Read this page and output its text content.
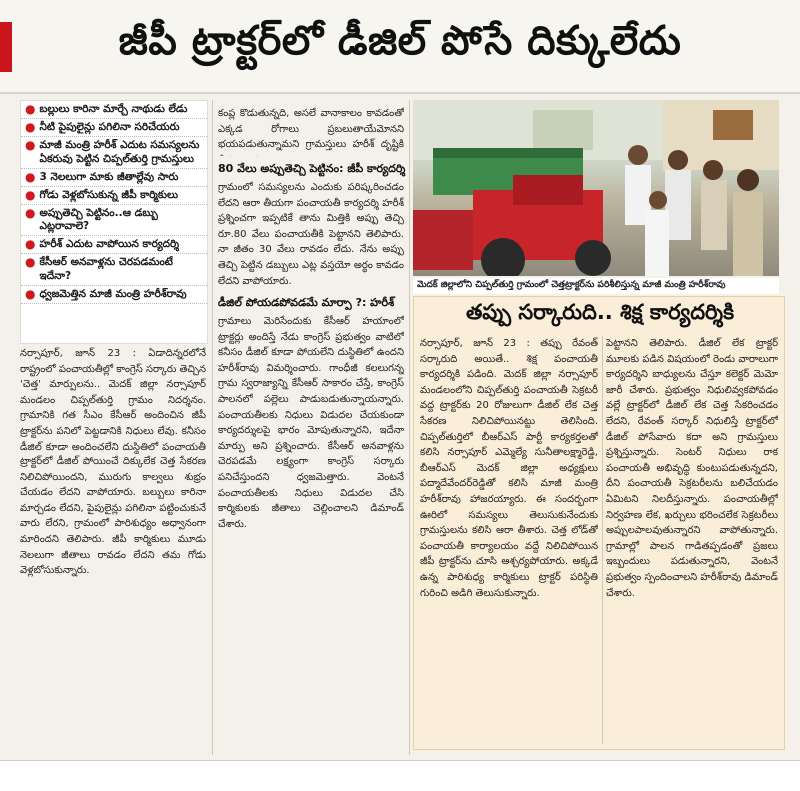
జీపీ ట్రాక్టర్‌లో డీజిల్ పోసే దిక్కులేదు
● బల్లులు కారినా మార్చే నాథుడు లేడు
● నీటి పైపులైన్లు పగిలినా సరిచేయరు
● మాజీ మంత్రి హరీశ్ ఎదుట సమస్యలను ఏకరువు పెట్టిన చిప్పల్‌తుర్తి గ్రామస్తులు
● 3 నెలలుగా మాకు జీతాల్లేవు సారు
● గోడు వెళ్లబోసుకున్న జీపీ కార్మికులు
● అప్పుతెచ్చి పెట్టినం..ఆ డబ్బు ఎట్లరావాలె?
● హరీశ్ ఎదుట వాపోయిన కార్యదర్శి
● కేసీఆర్ అనవాళ్లను చెరపడమంటే ఇదేనా?
● ధ్వజమెత్తిన మాజీ మంత్రి హరీశ్‌రావు
నర్సాపూర్, జూన్ 23 : ఏడాదిన్నరలోనే రాష్ట్రంలో పంచాయతీల్లో కాంగ్రెస్ సర్కారు తెచ్చిన 'చెత్త' మార్పులను.. మెదక్ జిల్లా నర్సాపూర్ మండలం చిప్పల్‌తుర్తి గ్రామం నిదర్శనం. గ్రామానికి గత సీఎం కేసీఆర్ అందించిన జీపీ ట్రాక్టర్‌ను పనిలో పెట్టడానికి నిధులు లేవు. కనీసం డీజిల్ కూడా అందించలేని దుస్థితిలో పంచాయతీ
ట్రాక్టర్‌లో డీజిల్ పోయించే దిక్కులేక చెత్త సేకరణ నిలిచిపోయిందని, మురుగు కాల్వలు శుభ్రం చేయడం లేదని వాపోయారు. బల్బులు కారినా మార్చడం లేదని, పైపులైన్లు పగిలినా పట్టించుకునే వారు లేరని, గ్రామంలో పారిశుధ్యం అధ్వానంగా మారిందని తెలిపారు. జీపీ కార్మికులు మూడు నెలలుగా జీతాలు రావడం లేదని తమ గోడు వెళ్లబోసుకున్నారు.
కంప్ల కొడుతున్నది, అసలే వానాకాలం కావడంతో ఎక్కడ రోగాలు ప్రబలుతాయేమోనని భయపడుతున్నామని గ్రామస్తులు హరీశ్ దృష్టికి
80 వేలు అప్పుతెచ్చి పెట్టినం: జీపీ కార్యదర్శి
గ్రామంలో సమస్యలను ఎందుకు పరిష్కరించడం లేదని ఆరా తీయగా పంచాయతీ కార్యదర్శి హరీశ్ ప్రశ్నించగా ఇప్పటికే తాను మిత్తికి అప్పు తెచ్చి రూ.80 వేలు పంచాయతీకి పెట్టానని తెలిపారు. నా జీతం 30 వేలు రావడం లేదు. నేను అప్పు తెచ్చి పెట్టిన డబ్బులు ఎట్ల వస్తయో అర్థం కావడం లేదని వాపోయారు.
డీజిల్ పోయడపోవడమే మార్పా ?: హరీశ్
గ్రామాలు మెరిసేందుకు కేసీఆర్ హయాంలో ట్రాక్టర్లు అందిస్తే నేడు కాంగ్రెస్ ప్రభుత్వం వాటిలో కనీసం డీజిల్ కూడా పోయలేని దుస్థితిలో ఉందని హరీశ్‌రావు విమర్శించారు. గాంధీజీ కలలుగన్న గ్రామ స్వరాజ్యాన్ని కేసీఆర్ సాకారం చేస్తే, కాంగ్రెస్ పాలనలో పల్లెలు పాడుబడుతున్నాయన్నారు. పంచాయతీలకు నిధులు విడుదల చేయకుండా కార్యదర్శులపై భారం మోపుతున్నారని, ఇదేనా మార్పు అని ప్రశ్నించారు. కేసీఆర్ అనవాళ్లను చెరపడమే లక్ష్యంగా కాంగ్రెస్ సర్కారు పనిచేస్తుందని ధ్వజమెత్తారు. వెంటనే పంచాయతీలకు నిధులు విడుదల చేసి కార్మికులకు జీతాలు చెల్లించాలని డిమాండ్ చేశారు.
మెదక్ జిల్లాలోని చిప్పల్‌తుర్తి గ్రామంలో చెత్తట్రాక్టర్‌ను పరిశీలిస్తున్న మాజీ మంత్రి హరీశ్‌రావు
తప్పు సర్కారుది.. శిక్ష కార్యదర్శికి
నర్సాపూర్, జూన్ 23 : తప్పు రేవంత్ సర్కారుది అయితే.. శిక్ష పంచాయతీ కార్యదర్శికి పడింది. మెదక్ జిల్లా నర్సాపూర్ మండలంలోని చిప్పల్‌తుర్తి పంచాయతీ సెక్రటరీ వద్ద ట్రాక్టర్‌కు 20 రోజులుగా డీజిల్ లేక చెత్త సేకరణ నిలిచిపోయినట్టు తెలిసింది. చిప్పల్‌తుర్తిలో బీఆర్‌ఎస్ పార్టీ కార్యకర్తలతో కలిసి నర్సాపూర్ ఎమ్మెల్యే సునీతాలక్ష్మారెడ్డి, బీఆర్‌ఎస్ మెదక్ జిల్లా అధ్యక్షులు పద్మాదేవేందర్‌రెడ్డితో కలిసి మాజీ మంత్రి హరీశ్‌రావు హాజరయ్యారు. ఈ సందర్భంగా ఊరిలో సమస్యలు తెలుసుకునేందుకు గ్రామస్తులను కలిసి ఆరా తీశారు. చెత్త లోడ్‌తో పంచాయతీ కార్యాలయం వద్దే నిలిచిపోయిన జీపీ ట్రాక్టర్‌ను చూసి ఆశ్చర్యపోయారు. అక్కడే ఉన్న పారిశుధ్య కార్మికులు ట్రాక్టర్ పరిస్థితి గురించి అడిగి తెలుసుకున్నారు.
పెట్టానని తెలిపారు. డీజిల్ లేక ట్రాక్టర్ మూలకు పడిన విషయంలో రెండు వారాలుగా కార్యదర్శిని బాధ్యులను చేస్తూ కలెక్టర్ మెమో జారీ చేశారు. ప్రభుత్వం నిధులివ్వకపోవడం వల్లే ట్రాక్టర్‌లో డీజిల్ లేక చెత్త సేకరించడం లేదని, రేవంత్ సర్కార్ నిధులిస్తే ట్రాక్టర్‌లో డీజిల్ పోసేవారు కదా అని గ్రామస్తులు ప్రశ్నిస్తున్నారు. సెంటర్ నిధులు రాక పంచాయతీ అభివృద్ధి కుంటుపడుతున్నదని, దీని పంచాయతీ సెక్రటరీలను బలిచేయడం ఏమిటని నిలదీస్తున్నారు. పంచాయతీల్లో నిర్వహణ లేక, ఖర్చులు భరించలేక సెక్రటరీలు అప్పులపాలవుతున్నారని వాపోతున్నారు. గ్రామాల్లో పాలన గాడితప్పడంతో ప్రజలు ఇబ్బందులు పడుతున్నారని, వెంటనే ప్రభుత్వం స్పందించాలని హరీశ్‌రావు డిమాండ్ చేశారు.
